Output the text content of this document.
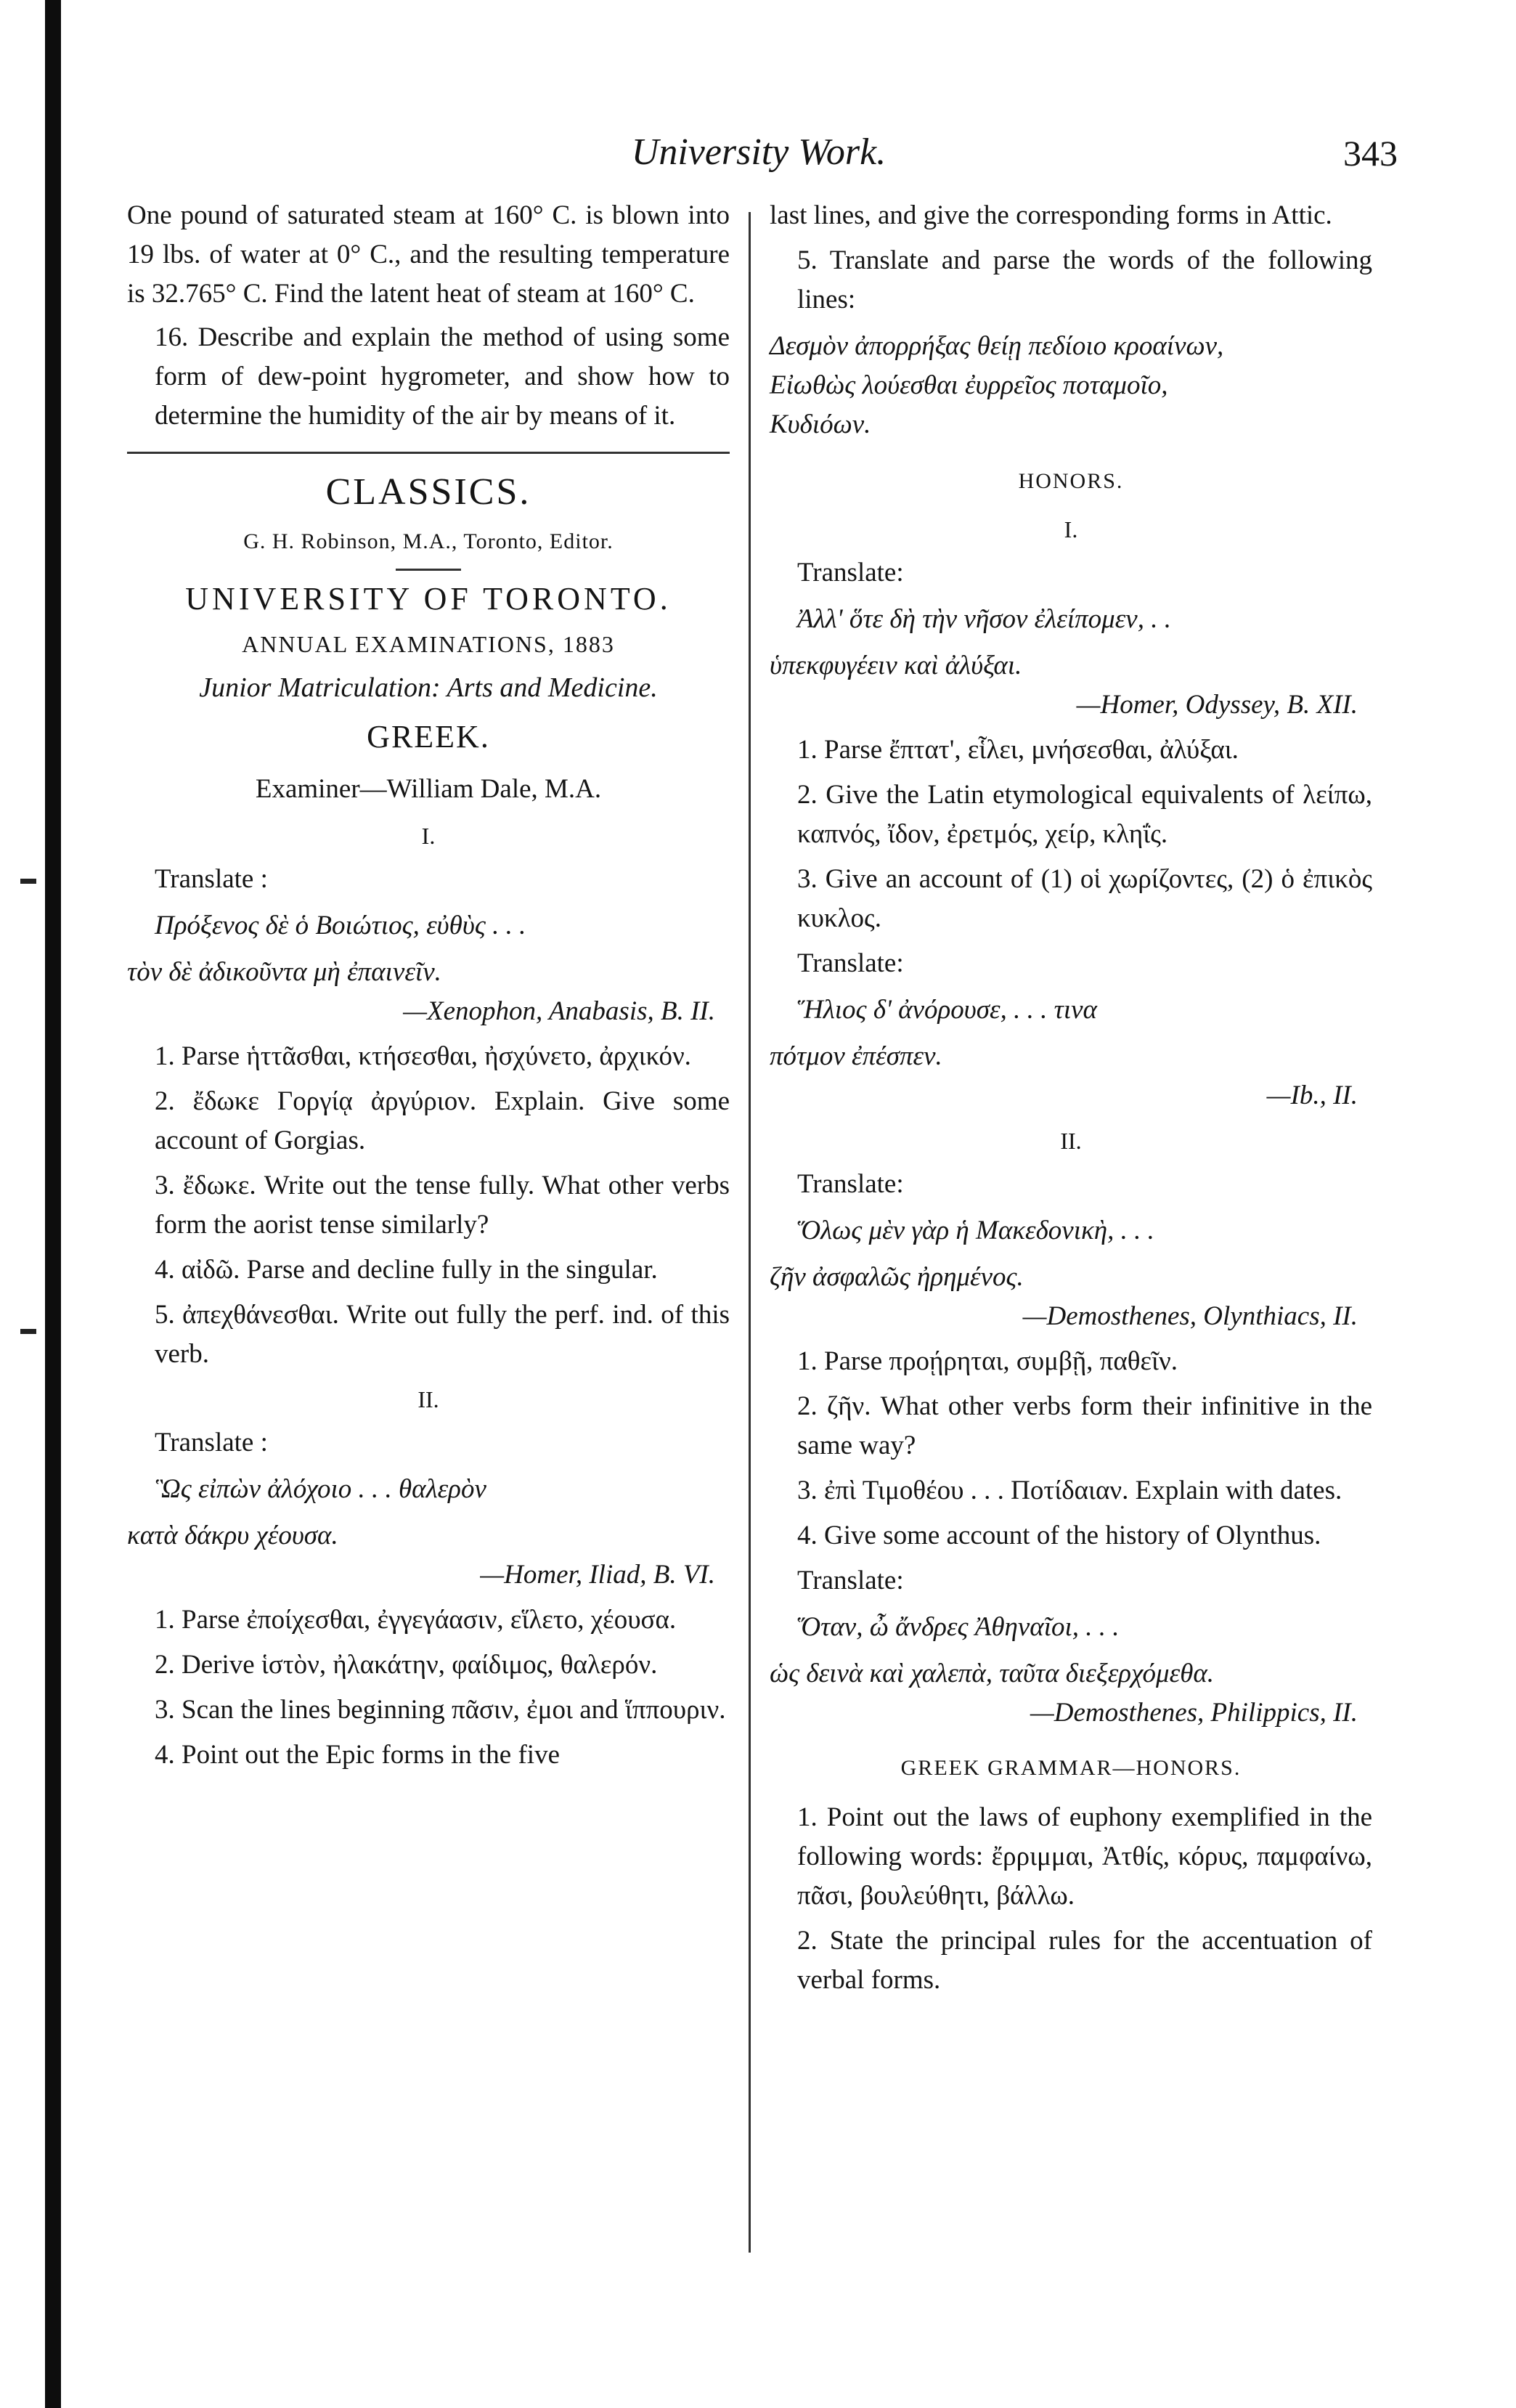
University Work.	343

One pound of saturated steam at 160° C. is blown into 19 lbs. of water at 0° C., and the resulting temperature is 32.765° C. Find the latent heat of steam at 160° C.

16. Describe and explain the method of using some form of dew-point hygrometer, and show how to determine the humidity of the air by means of it.

CLASSICS.
G. H. Robinson, M.A., Toronto, Editor.
UNIVERSITY OF TORONTO.
ANNUAL EXAMINATIONS, 1883
Junior Matriculation: Arts and Medicine.
GREEK.
Examiner—William Dale, M.A.
I.
Translate :

Πρόξενος δὲ ὁ Βοιώτιος, εὐθὺς . . .

τὸν δὲ ἀδικοῦντα μὴ ἐπαινεῖν.

—Xenophon, Anabasis, B. II.

1. Parse ἡττᾶσθαι, κτήσεσθαι, ἠσχύνετο, ἀρχικόν.

2. ἔδωκε Γοργίᾳ ἀργύριον. Explain. Give some account of Gorgias.

3. ἔδωκε. Write out the tense fully. What other verbs form the aorist tense similarly?

4. αἰδῶ. Parse and decline fully in the singular.

5. ἀπεχθάνεσθαι. Write out fully the perf. ind. of this verb.

II.
Translate :

Ὣς εἰπὼν ἀλόχοιο . . . θαλερὸν

κατὰ δάκρυ χέουσα.

—Homer, Iliad, B. VI.

1. Parse ἐποίχεσθαι, ἐγγεγάασιν, εἵλετο, χέουσα.

2. Derive ἱστὸν, ἠλακάτην, φαίδιμος, θαλερόν.

3. Scan the lines beginning πᾶσιν, ἐμοι and ἵππουριν.

4. Point out the Epic forms in the five

last lines, and give the corresponding forms in Attic.

5. Translate and parse the words of the following lines:

Δεσμὸν ἀπορρήξας θείῃ πεδίοιο κροαίνων,

Εἰωθὼς λούεσθαι ἐυρρεῖος ποταμοῖο,

Κυδιόων.

HONORS.
I.
Translate:

Ἀλλ' ὅτε δὴ τὴν νῆσον ἐλείπομεν, . .

ὑπεκφυγέειν καὶ ἀλύξαι.

—Homer, Odyssey, B. XII.

1. Parse ἔπτατ', εἷλει, μνήσεσθαι, ἀλύξαι.

2. Give the Latin etymological equivalents of λείπω, καπνός, ἴδον, ἐρετμός, χείρ, κληΐς.

3. Give an account of (1) οἱ χωρίζοντες, (2) ὁ ἐπικὸς κυκλος.

Translate:

Ἥλιος δ' ἀνόρουσε, . . . τινα

πότμον ἐπέσπεν.

—Ib., II.
II.
Translate:

Ὅλως μὲν γὰρ ἡ Μακεδονικὴ, . . .

ζῆν ἀσφαλῶς ἠρημένος.

—Demosthenes, Olynthiacs, II.

1. Parse προῄρηται, συμβῇ, παθεῖν.

2. ζῆν. What other verbs form their infinitive in the same way?

3. ἐπὶ Τιμοθέου . . . Ποτίδαιαν. Explain with dates.

4. Give some account of the history of Olynthus.

Translate:

Ὅταν, ὦ ἄνδρες Ἀθηναῖοι, . . .

ὡς δεινὰ καὶ χαλεπὰ, ταῦτα διεξερχόμεθα.

—Demosthenes, Philippics, II.
GREEK GRAMMAR—HONORS.

1. Point out the laws of euphony exemplified in the following words: ἔρριμμαι, Ἀτθίς, κόρυς, παμφαίνω, πᾶσι, βουλεύθητι, βάλλω.

2. State the principal rules for the accentuation of verbal forms.
